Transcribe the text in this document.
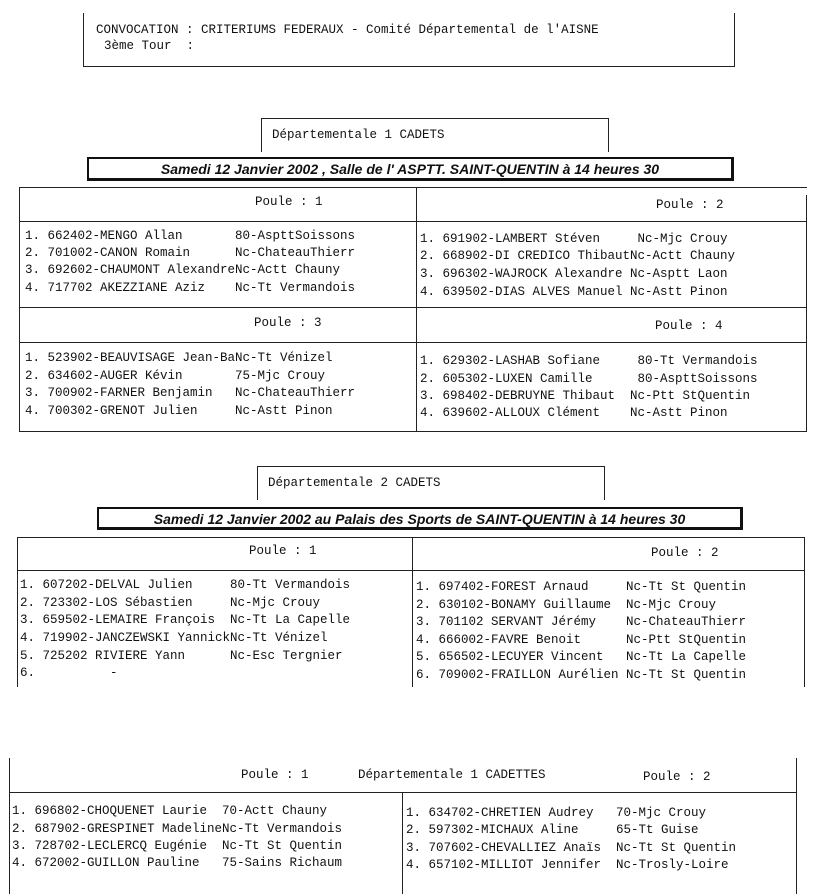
CONVOCATION : CRITERIUMS FEDERAUX - Comité Départemental de l'AISNE
3ème Tour  :
Départementale 1 CADETS
Samedi 12 Janvier 2002 , Salle de l' ASPTT. SAINT-QUENTIN à 14 heures 30
Poule : 1	Poule : 2
Poule : 3	Poule : 4
1. 662402-MENGO Allan       80-AspttSoissons
2. 701002-CANON Romain      Nc-ChateauThierr
3. 692602-CHAUMONT AlexandreNc-Actt Chauny
4. 717702 AKEZZIANE Aziz    Nc-Tt Vermandois
1. 691902-LAMBERT Stéven     Nc-Mjc Crouy
2. 668902-DI CREDICO ThibautNc-Actt Chauny
3. 696302-WAJROCK Alexandre Nc-Asptt Laon
4. 639502-DIAS ALVES Manuel Nc-Astt Pinon
1. 523902-BEAUVISAGE Jean-BaNc-Tt Vénizel
2. 634602-AUGER Kévin       75-Mjc Crouy
3. 700902-FARNER Benjamin   Nc-ChateauThierr
4. 700302-GRENOT Julien     Nc-Astt Pinon
1. 629302-LASHAB Sofiane     80-Tt Vermandois
2. 605302-LUXEN Camille      80-AspttSoissons
3. 698402-DEBRUYNE Thibaut  Nc-Ptt StQuentin
4. 639602-ALLOUX Clément    Nc-Astt Pinon
Départementale 2 CADETS
Samedi 12 Janvier 2002 au Palais des Sports de SAINT-QUENTIN à 14 heures 30
Poule : 1	Poule : 2
1. 607202-DELVAL Julien     80-Tt Vermandois
2. 723302-LOS Sébastien     Nc-Mjc Crouy
3. 659502-LEMAIRE François  Nc-Tt La Capelle
4. 719902-JANCZEWSKI YannickNc-Tt Vénizel
5. 725202 RIVIERE Yann      Nc-Esc Tergnier
6.          -
1. 697402-FOREST Arnaud     Nc-Tt St Quentin
2. 630102-BONAMY Guillaume  Nc-Mjc Crouy
3. 701102 SERVANT Jérémy    Nc-ChateauThierr
4. 666002-FAVRE Benoit      Nc-Ptt StQuentin
5. 656502-LECUYER Vincent   Nc-Tt La Capelle
6. 709002-FRAILLON Aurélien Nc-Tt St Quentin
Poule : 1	Départementale 1 CADETTES	Poule : 2
1. 696802-CHOQUENET Laurie  70-Actt Chauny
2. 687902-GRESPINET MadelineNc-Tt Vermandois
3. 728702-LECLERCQ Eugénie  Nc-Tt St Quentin
4. 672002-GUILLON Pauline   75-Sains Richaum
1. 634702-CHRETIEN Audrey   70-Mjc Crouy
2. 597302-MICHAUX Aline     65-Tt Guise
3. 707602-CHEVALLIEZ Anaïs  Nc-Tt St Quentin
4. 657102-MILLIOT Jennifer  Nc-Trosly-Loire
